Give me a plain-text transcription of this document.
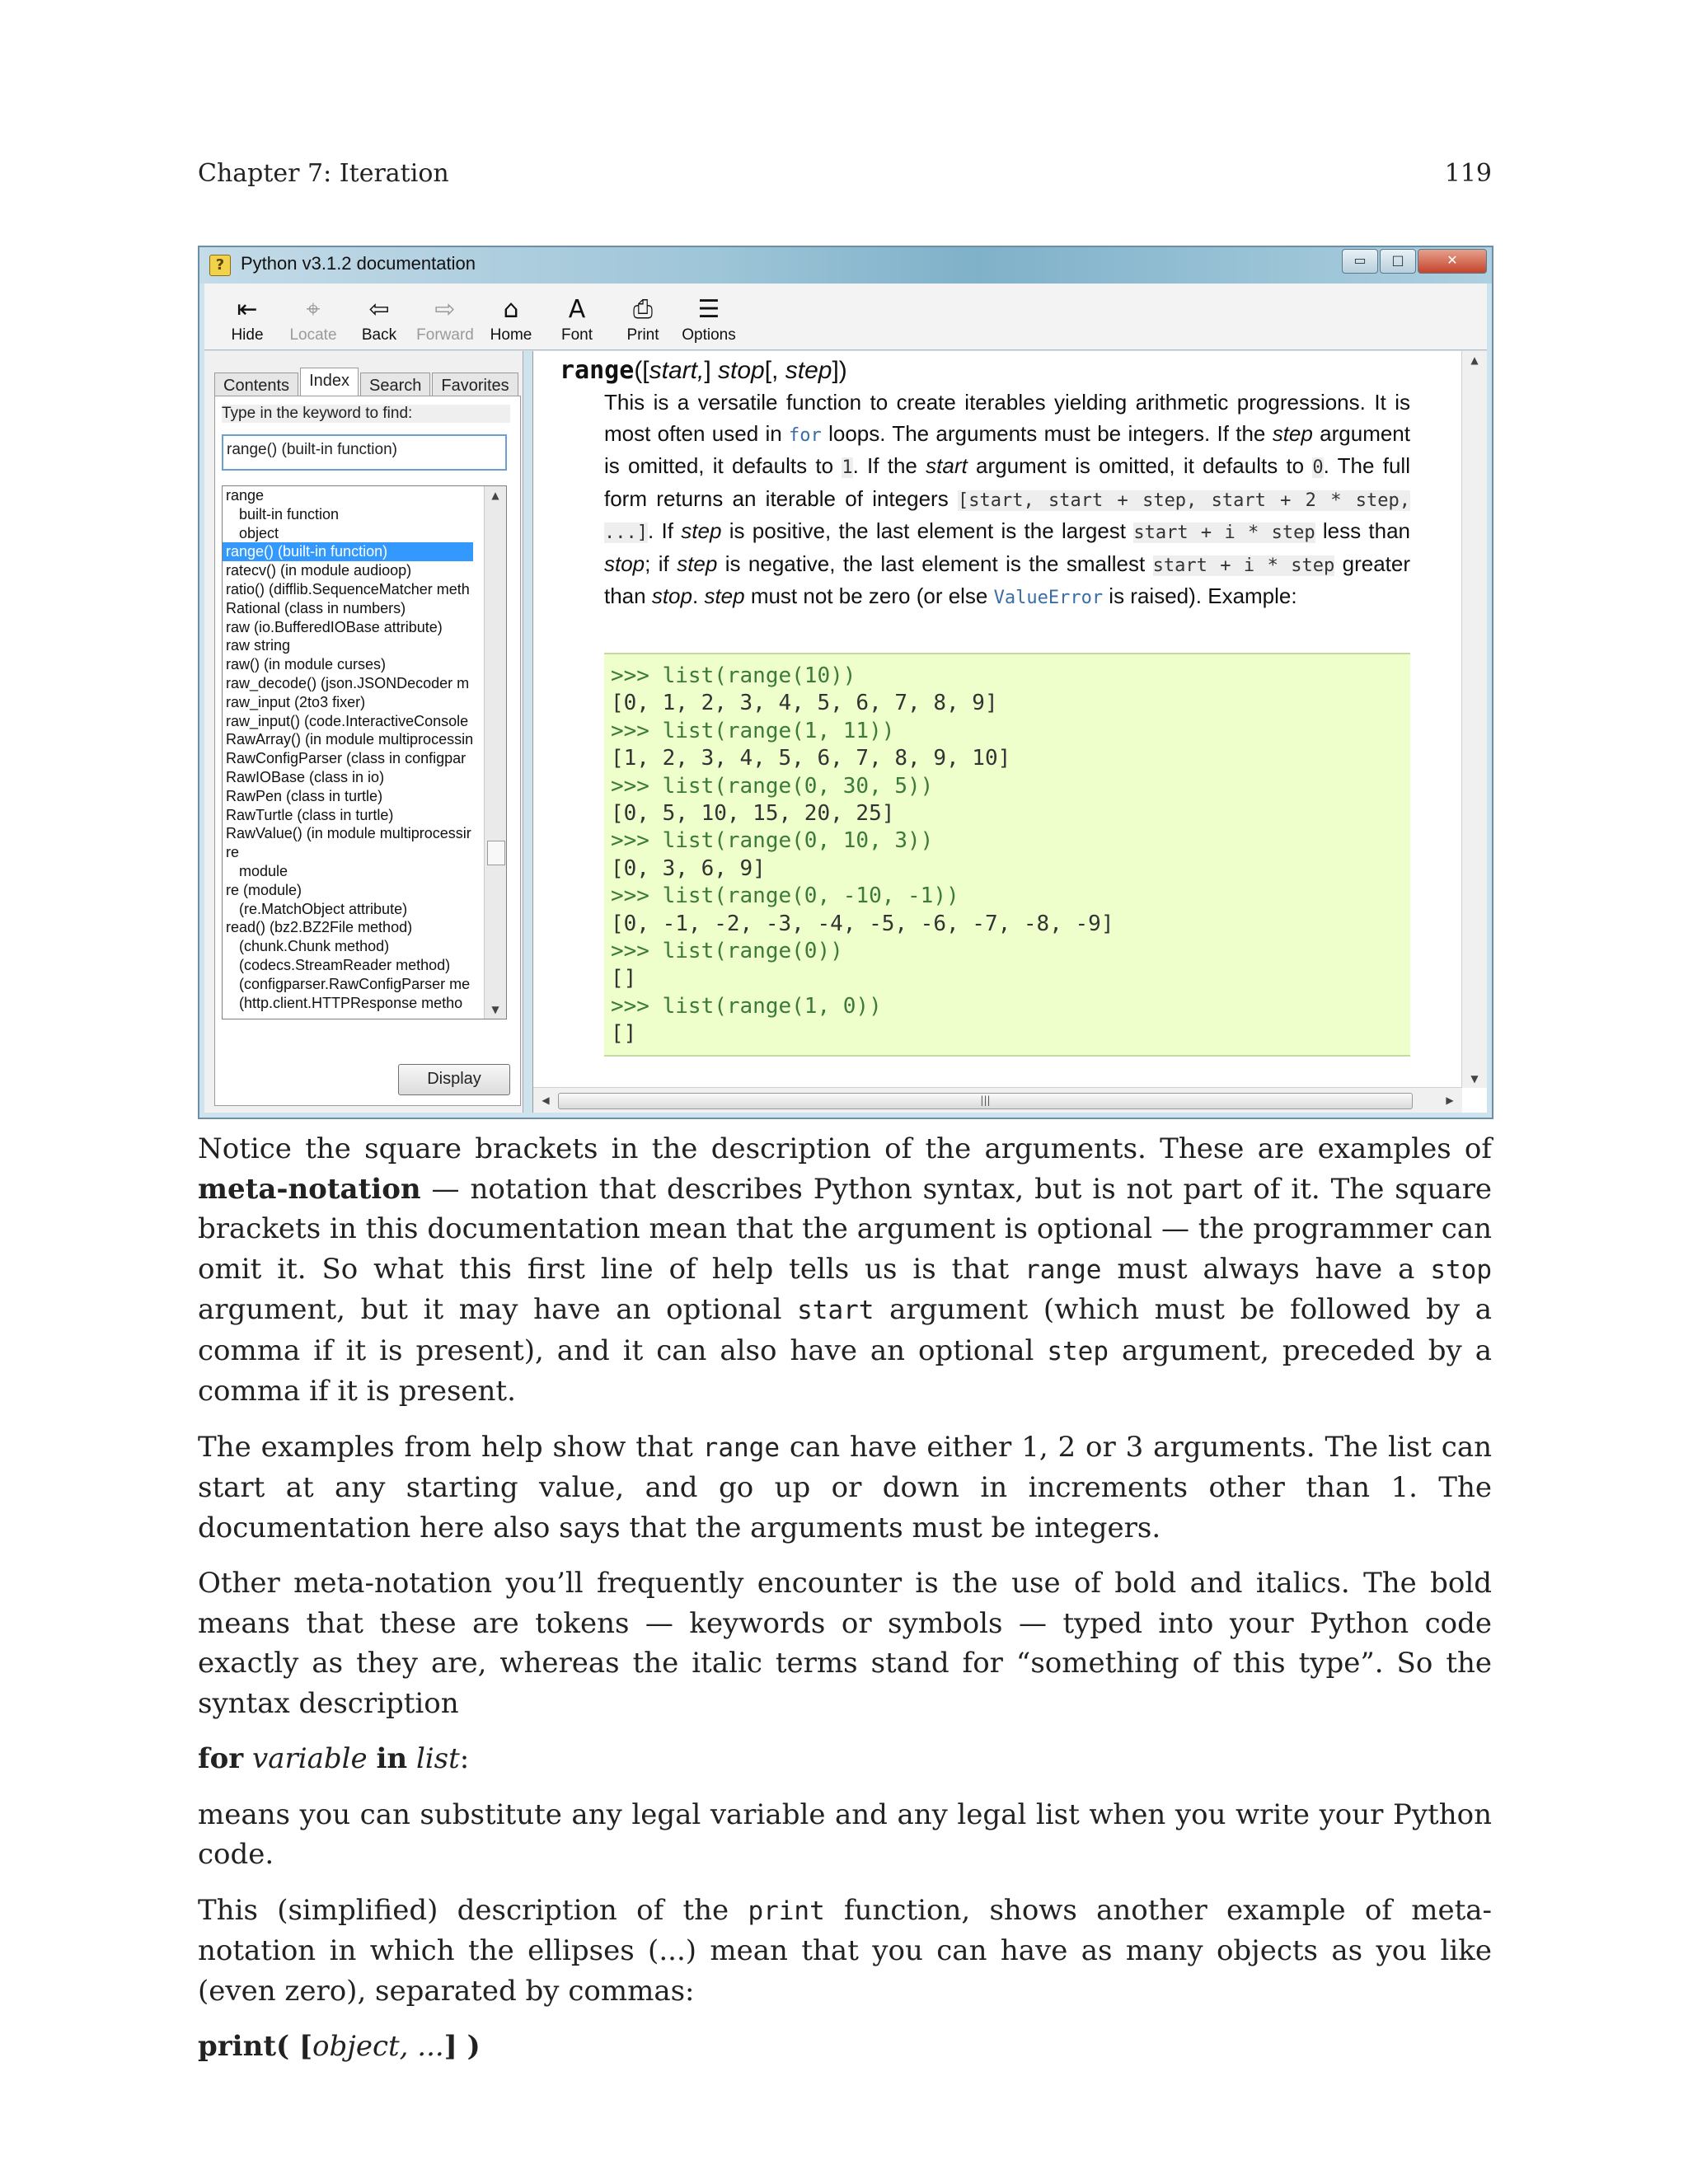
Chapter 7: Iteration	119
? Python v3.1.2 documentation	▭	□	✕
⇤
Hide
⌖
Locate
⇦
Back
⇨
Forward
⌂
Home
A
Font
⎙
Print
☰
Options
Contents	Index	Search	Favorites
Type in the keyword to find:
range() (built-in function)
range
built-in function
object
range() (built-in function)
ratecv() (in module audioop)
ratio() (difflib.SequenceMatcher meth
Rational (class in numbers)
raw (io.BufferedIOBase attribute)
raw string
raw() (in module curses)
raw_decode() (json.JSONDecoder m
raw_input (2to3 fixer)
raw_input() (code.InteractiveConsole
RawArray() (in module multiprocessin
RawConfigParser (class in configpar
RawIOBase (class in io)
RawPen (class in turtle)
RawTurtle (class in turtle)
RawValue() (in module multiprocessir
re
module
re (module)
(re.MatchObject attribute)
read() (bz2.BZ2File method)
(chunk.Chunk method)
(codecs.StreamReader method)
(configparser.RawConfigParser me
(http.client.HTTPResponse metho
▲
▼
Display
range([start,] stop[, step])
This is a versatile function to create iterables yielding arithmetic progressions. It is most often used in for loops. The arguments must be integers. If the step argument is omitted, it defaults to 1. If the start argument is omitted, it defaults to 0. The full form returns an iterable of integers [start, start + step, start + 2 * step, ...]. If step is positive, the last element is the largest start + i * step less than stop; if step is negative, the last element is the smallest start + i * step greater than stop. step must not be zero (or else ValueError is raised). Example:
>>> list(range(10))
[0, 1, 2, 3, 4, 5, 6, 7, 8, 9]
>>> list(range(1, 11))
[1, 2, 3, 4, 5, 6, 7, 8, 9, 10]
>>> list(range(0, 30, 5))
[0, 5, 10, 15, 20, 25]
>>> list(range(0, 10, 3))
[0, 3, 6, 9]
>>> list(range(0, -10, -1))
[0, -1, -2, -3, -4, -5, -6, -7, -8, -9]
>>> list(range(0))
[]
>>> list(range(1, 0))
[]
▲
▼
◀	|||	▶

Notice the square brackets in the description of the arguments. These are examples of meta-notation — notation that describes Python syntax, but is not part of it. The square brackets in this documentation mean that the argument is optional — the programmer can omit it. So what this first line of help tells us is that range must always have a stop argument, but it may have an optional start argument (which must be followed by a comma if it is present), and it can also have an optional step argument, preceded by a comma if it is present.

The examples from help show that range can have either 1, 2 or 3 arguments. The list can start at any starting value, and go up or down in increments other than 1. The documentation here also says that the arguments must be integers.

Other meta-notation you’ll frequently encounter is the use of bold and italics. The bold means that these are tokens — keywords or symbols — typed into your Python code exactly as they are, whereas the italic terms stand for “something of this type”. So the syntax description

for variable in list:

means you can substitute any legal variable and any legal list when you write your Python code.

This (simplified) description of the print function, shows another example of meta-notation in which the ellipses (...) mean that you can have as many objects as you like (even zero), separated by commas:

print( [object, ...] )
